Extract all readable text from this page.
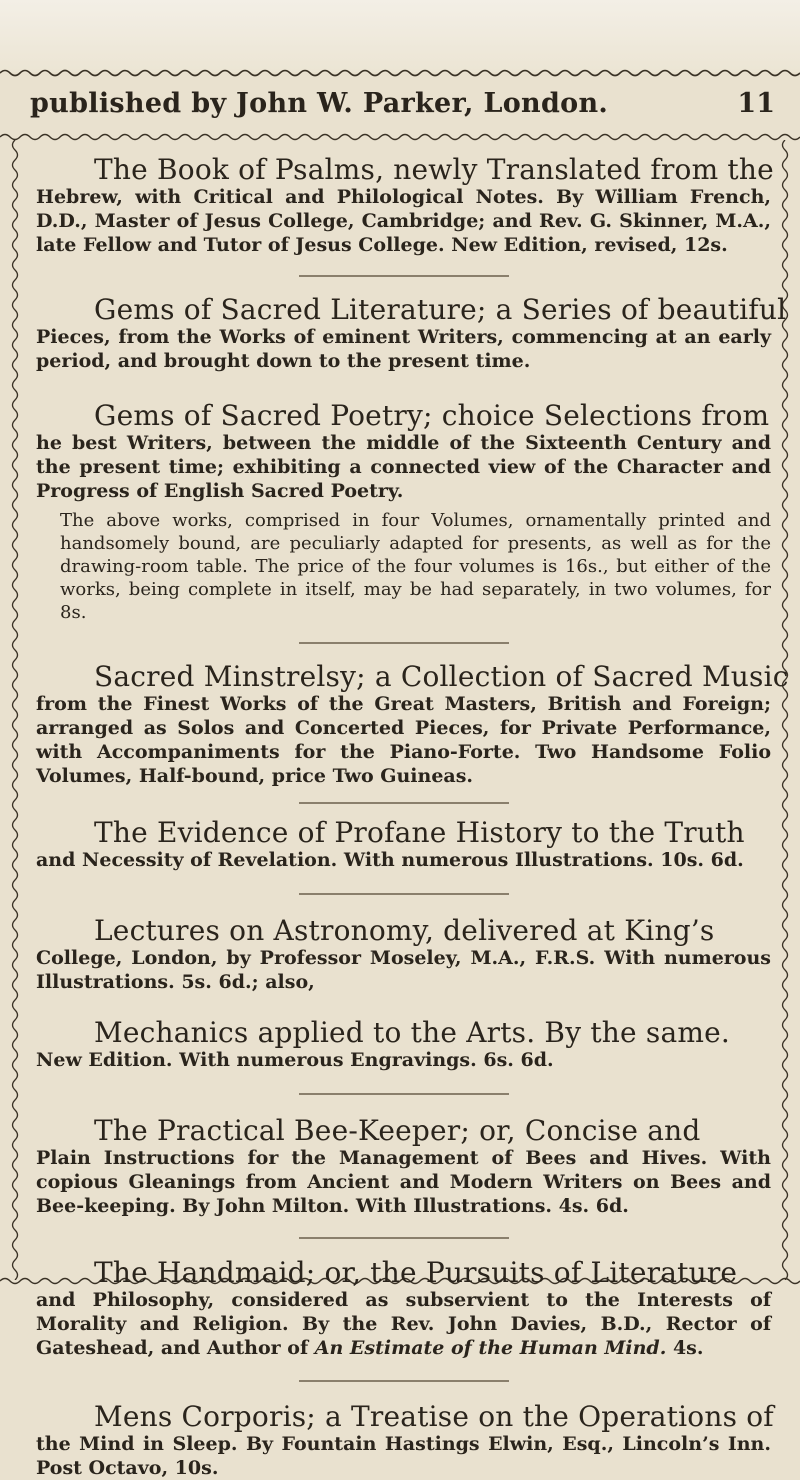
published by John W. Parker, London.	11

The Book of Psalms, newly Translated from the
Hebrew, with Critical and Philological Notes. By William French, D.D., Master of Jesus College, Cambridge; and Rev. G. Skinner, M.A., late Fellow and Tutor of Jesus College. New Edition, revised, 12s.

Gems of Sacred Literature; a Series of beautiful
Pieces, from the Works of eminent Writers, commencing at an early period, and brought down to the present time.

Gems of Sacred Poetry; choice Selections from
he best Writers, between the middle of the Sixteenth Century and the present time; exhibiting a connected view of the Character and Progress of English Sacred Poetry.

The above works, comprised in four Volumes, ornamentally printed and handsomely bound, are peculiarly adapted for presents, as well as for the drawing-room table. The price of the four volumes is 16s., but either of the works, being complete in itself, may be had separately, in two volumes, for 8s.

Sacred Minstrelsy; a Collection of Sacred Music
from the Finest Works of the Great Masters, British and Foreign; arranged as Solos and Concerted Pieces, for Private Performance, with Accompaniments for the Piano-Forte. Two Handsome Folio Volumes, Half-bound, price Two Guineas.

The Evidence of Profane History to the Truth
and Necessity of Revelation. With numerous Illustrations. 10s. 6d.

Lectures on Astronomy, delivered at King’s
College, London, by Professor Moseley, M.A., F.R.S. With numerous Illustrations. 5s. 6d.; also,

Mechanics applied to the Arts. By the same.
New Edition. With numerous Engravings. 6s. 6d.

The Practical Bee-Keeper; or, Concise and
Plain Instructions for the Management of Bees and Hives. With copious Gleanings from Ancient and Modern Writers on Bees and Bee-keeping. By John Milton. With Illustrations. 4s. 6d.

The Handmaid; or, the Pursuits of Literature
and Philosophy, considered as subservient to the Interests of Morality and Religion. By the Rev. John Davies, B.D., Rector of Gateshead, and Author of An Estimate of the Human Mind. 4s.

Mens Corporis; a Treatise on the Operations of
the Mind in Sleep. By Fountain Hastings Elwin, Esq., Lincoln’s Inn. Post Octavo, 10s.
